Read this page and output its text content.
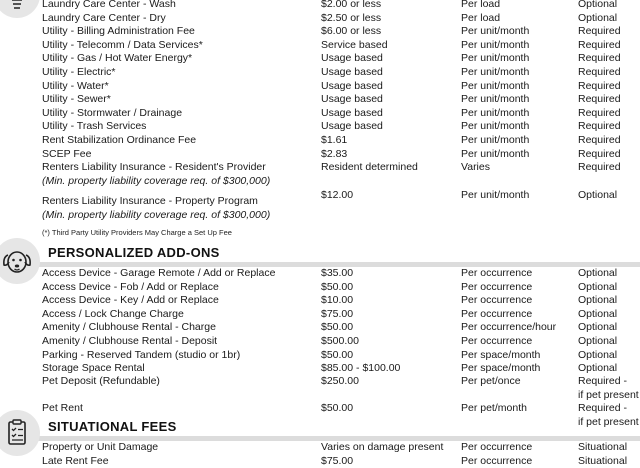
Laundry Care Center - Wash	$2.00 or less	Per load	Optional
Laundry Care Center - Dry	$2.50 or less	Per load	Optional
Utility - Billing Administration Fee	$6.00 or less	Per unit/month	Required
Utility - Telecomm / Data Services*	Service based	Per unit/month	Required
Utility - Gas / Hot Water Energy*	Usage based	Per unit/month	Required
Utility - Electric*	Usage based	Per unit/month	Required
Utility - Water*	Usage based	Per unit/month	Required
Utility - Sewer*	Usage based	Per unit/month	Required
Utility - Stormwater / Drainage	Usage based	Per unit/month	Required
Utility - Trash Services	Usage based	Per unit/month	Required
Rent Stabilization Ordinance Fee	$1.61	Per unit/month	Required
SCEP Fee	$2.83	Per unit/month	Required
Renters Liability Insurance - Resident's Provider	Resident determined	Varies	Required
(Min. property liability coverage req. of $300,000)
Renters Liability Insurance - Property Program	$12.00	Per unit/month	Optional
(Min. property liability coverage req. of $300,000)
(*) Third Party Utility Providers May Charge a Set Up Fee
PERSONALIZED ADD-ONS
Access Device - Garage Remote / Add or Replace	$35.00	Per occurrence	Optional
Access Device - Fob / Add or Replace	$50.00	Per occurrence	Optional
Access Device - Key / Add or Replace	$10.00	Per occurrence	Optional
Access / Lock Change Charge	$75.00	Per occurrence	Optional
Amenity / Clubhouse Rental - Charge	$50.00	Per occurrence/hour Optional
Amenity / Clubhouse Rental - Deposit	$500.00	Per occurrence	Optional
Parking - Reserved Tandem (studio or 1br)	$50.00	Per space/month	Optional
Storage Space Rental	$85.00 - $100.00	Per space/month	Optional
Pet Deposit (Refundable)	$250.00	Per pet/once	Required -
if pet present
Pet Rent	$50.00	Per pet/month	Required -
if pet present
SITUATIONAL FEES
Property or Unit Damage	Varies on damage present Per occurrence	Situational
Late Rent Fee	$75.00	Per occurrence	Situational
